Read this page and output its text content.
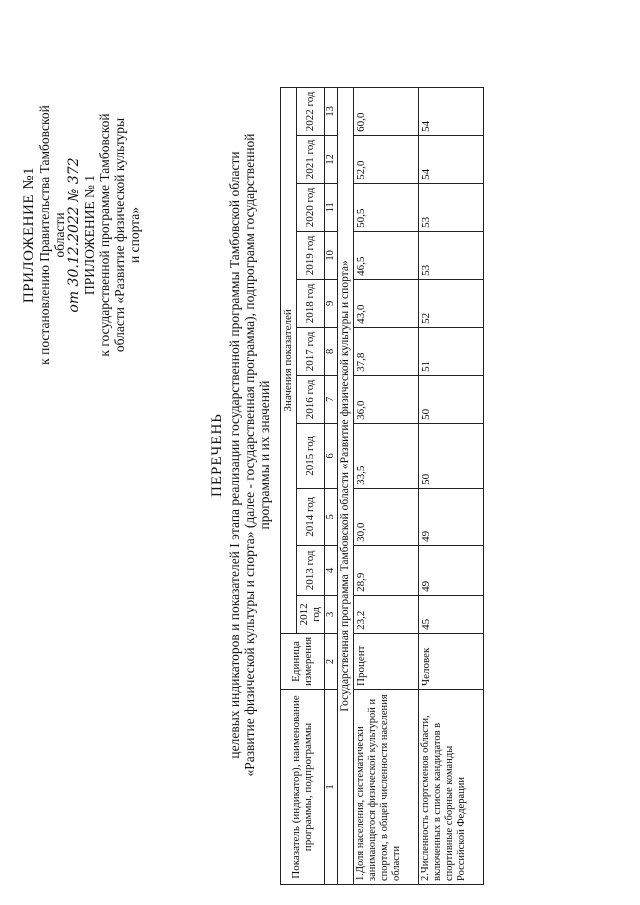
ПРИЛОЖЕНИЕ №1 к постановлению Правительства Тамбовской области от 30.12.2022 № 372 ПРИЛОЖЕНИЕ № 1 к государственной программе Тамбовской области «Развитие физической культуры и спорта»
ПЕРЕЧЕНЬ целевых индикаторов и показателей I этапа реализации государственной программы Тамбовской области «Развитие физической культуры и спорта» (далее - государственная программа), подпрограмм государственной программы и их значений
Показатель (индикатор), наименование программы, подпрограммы	Единица измерения	Значения показателей										
		2012 год	2013 год	2014 год	2015 год	2016 год	2017 год	2018 год	2019 год	2020 год	2021 год	2022 год
1	2	3	4	5	6	7	8	9	10	11	12	13
Государственная программа Тамбовской области «Развитие физической культуры и спорта»												
1.Доля населения, систематически занимающегося физической культурой и спортом, в общей численности населения области	Процент	23,2	28,9	30,0	33,5	36,0	37,8	43,0	46,5	50,5	52,0	60,0
2.Численность спортсменов области, включенных в список кандидатов в спортивные сборные команды Российской Федерации	Человек	45	49	49	50	50	51	52	53	53	54	54
